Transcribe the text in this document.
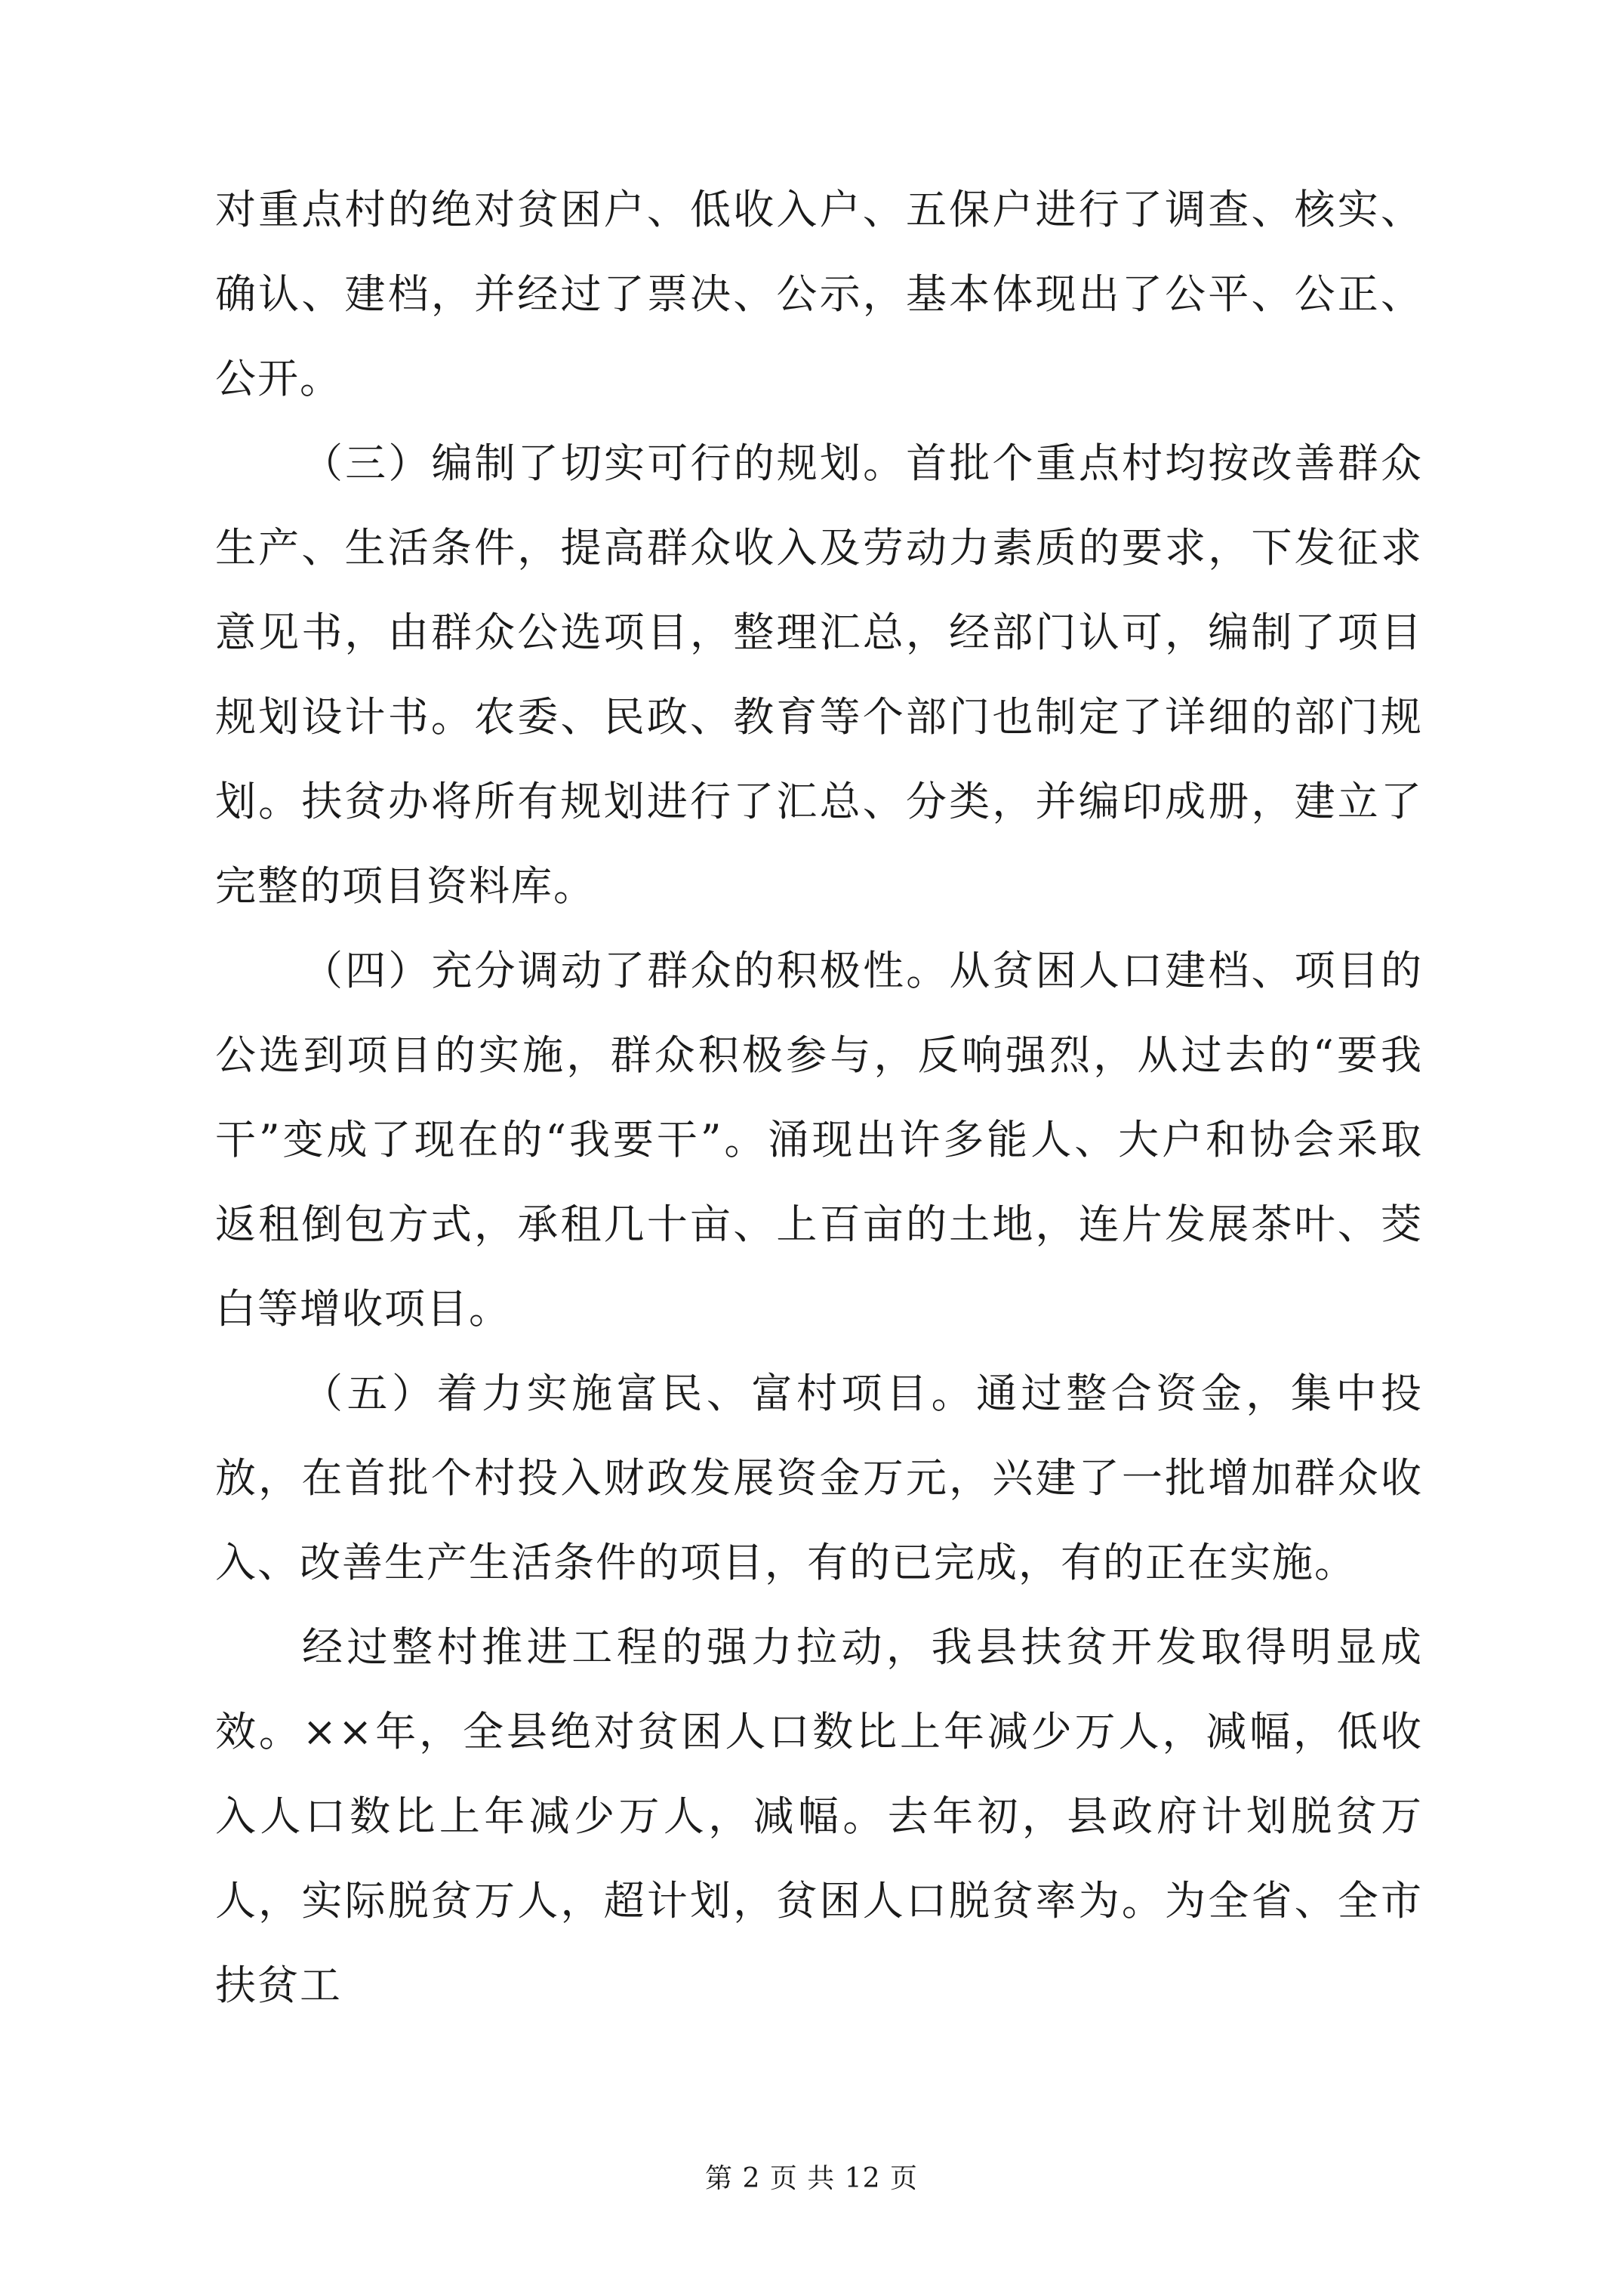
对重点村的绝对贫困户、低收入户、五保户进行了调查、核实、确认、建档，并经过了票决、公示，基本体现出了公平、公正、公开。

（三）编制了切实可行的规划。首批个重点村均按改善群众生产、生活条件，提高群众收入及劳动力素质的要求，下发征求意见书，由群众公选项目，整理汇总，经部门认可，编制了项目规划设计书。农委、民政、教育等个部门也制定了详细的部门规划。扶贫办将所有规划进行了汇总、分类，并编印成册，建立了完整的项目资料库。

（四）充分调动了群众的积极性。从贫困人口建档、项目的公选到项目的实施，群众积极参与，反响强烈，从过去的“要我干”变成了现在的“我要干”。涌现出许多能人、大户和协会采取返租倒包方式，承租几十亩、上百亩的土地，连片发展茶叶、茭白等增收项目。

（五）着力实施富民、富村项目。通过整合资金，集中投放，在首批个村投入财政发展资金万元，兴建了一批增加群众收入、改善生产生活条件的项目，有的已完成，有的正在实施。

经过整村推进工程的强力拉动，我县扶贫开发取得明显成效。××年，全县绝对贫困人口数比上年减少万人，减幅，低收入人口数比上年减少万人，减幅。去年初，县政府计划脱贫万人，实际脱贫万人，超计划，贫困人口脱贫率为。为全省、全市扶贫工

第 2 页 共 12 页
